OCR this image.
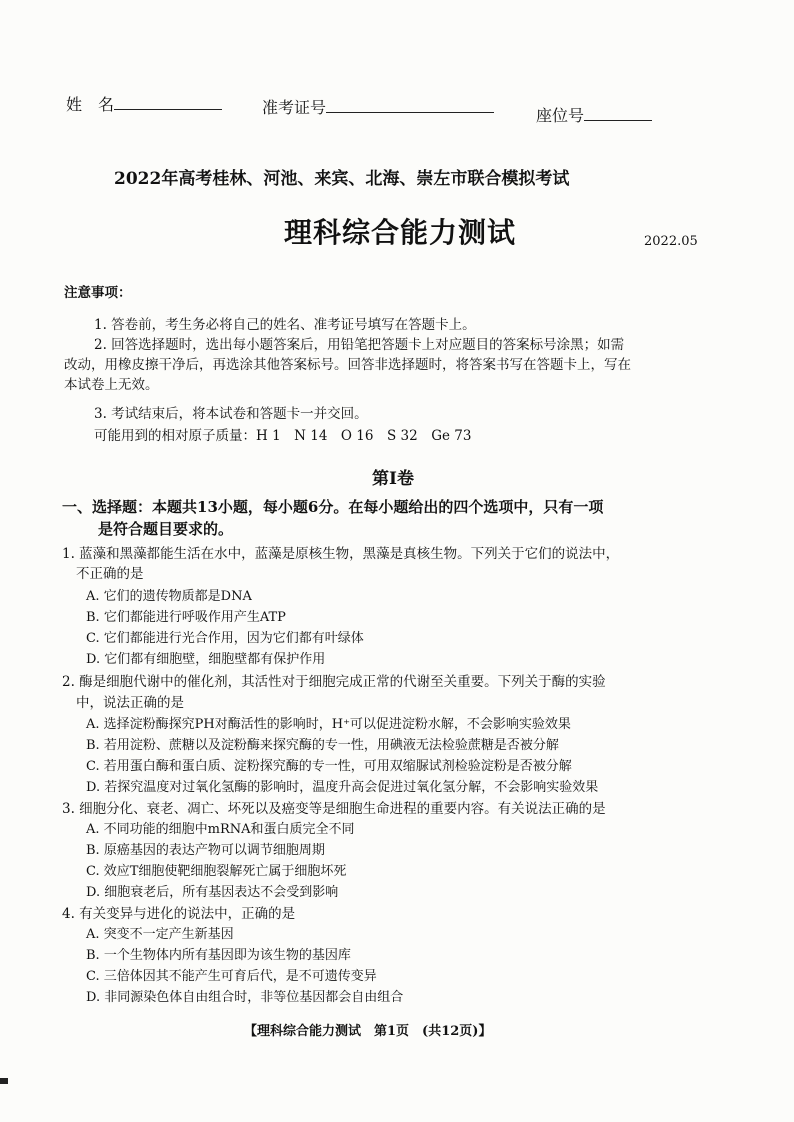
姓　名	准考证号	座位号
2022年高考桂林、河池、来宾、北海、崇左市联合模拟考试
理科综合能力测试	2022.05
注意事项：
1. 答卷前，考生务必将自己的姓名、准考证号填写在答题卡上。
2. 回答选择题时，选出每小题答案后，用铅笔把答题卡上对应题目的答案标号涂黑；如需
改动，用橡皮擦干净后，再选涂其他答案标号。回答非选择题时，将答案书写在答题卡上，写在
本试卷上无效。
3. 考试结束后，将本试卷和答题卡一并交回。
可能用到的相对原子质量：H 1　N 14　O 16　S 32　Ge 73
第Ⅰ卷
一、选择题：本题共13小题，每小题6分。在每小题给出的四个选项中，只有一项
是符合题目要求的。
1. 蓝藻和黑藻都能生活在水中，蓝藻是原核生物，黑藻是真核生物。下列关于它们的说法中，
不正确的是
A. 它们的遗传物质都是DNA
B. 它们都能进行呼吸作用产生ATP
C. 它们都能进行光合作用，因为它们都有叶绿体
D. 它们都有细胞壁，细胞壁都有保护作用
2. 酶是细胞代谢中的催化剂，其活性对于细胞完成正常的代谢至关重要。下列关于酶的实验
中，说法正确的是
A. 选择淀粉酶探究PH对酶活性的影响时，H⁺可以促进淀粉水解，不会影响实验效果
B. 若用淀粉、蔗糖以及淀粉酶来探究酶的专一性，用碘液无法检验蔗糖是否被分解
C. 若用蛋白酶和蛋白质、淀粉探究酶的专一性，可用双缩脲试剂检验淀粉是否被分解
D. 若探究温度对过氧化氢酶的影响时，温度升高会促进过氧化氢分解，不会影响实验效果
3. 细胞分化、衰老、凋亡、坏死以及癌变等是细胞生命进程的重要内容。有关说法正确的是
A. 不同功能的细胞中mRNA和蛋白质完全不同
B. 原癌基因的表达产物可以调节细胞周期
C. 效应T细胞使靶细胞裂解死亡属于细胞坏死
D. 细胞衰老后，所有基因表达不会受到影响
4. 有关变异与进化的说法中，正确的是
A. 突变不一定产生新基因
B. 一个生物体内所有基因即为该生物的基因库
C. 三倍体因其不能产生可育后代，是不可遗传变异
D. 非同源染色体自由组合时，非等位基因都会自由组合
【理科综合能力测试　第1页　(共12页)】
